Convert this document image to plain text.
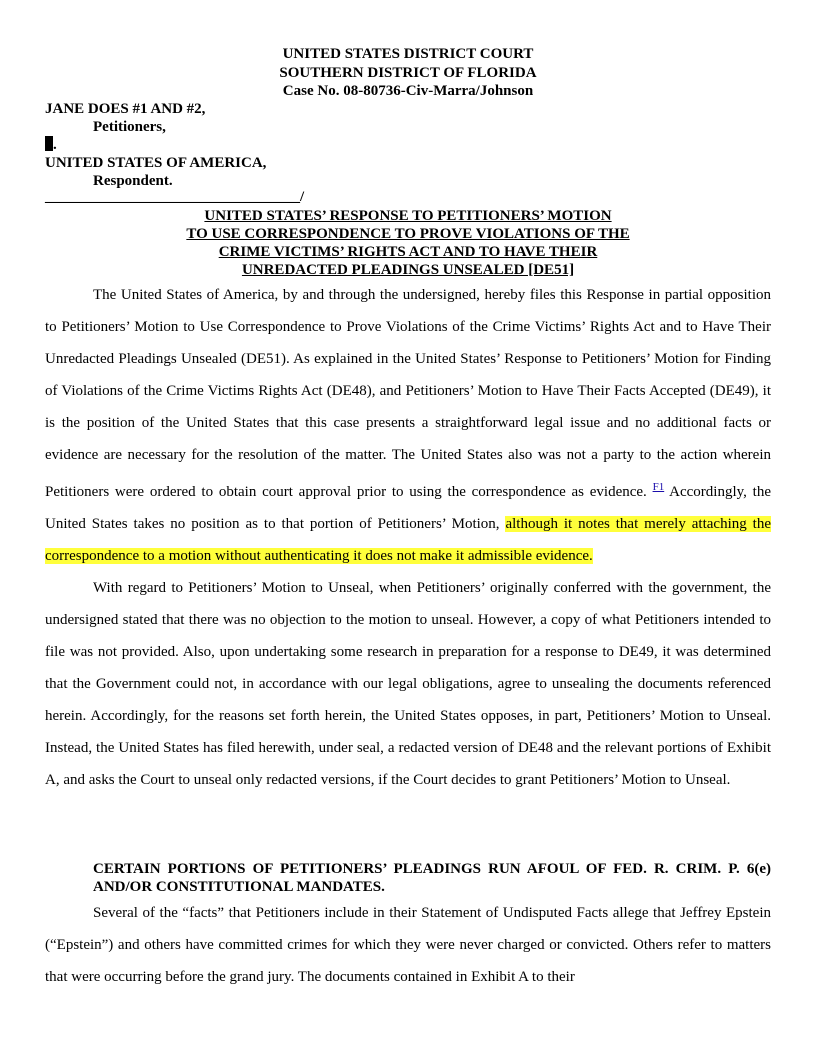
UNITED STATES DISTRICT COURT
SOUTHERN DISTRICT OF FLORIDA
Case No. 08-80736-Civ-Marra/Johnson
JANE DOES #1 AND #2,
Petitioners,
.
UNITED STATES OF AMERICA,
Respondent.
__________________________________/
UNITED STATES’ RESPONSE TO PETITIONERS’ MOTION
TO USE CORRESPONDENCE TO PROVE VIOLATIONS OF THE
CRIME VICTIMS’ RIGHTS ACT AND TO HAVE THEIR
UNREDACTED PLEADINGS UNSEALED [DE51]

The United States of America, by and through the undersigned, hereby files this Response in partial opposition to Petitioners’ Motion to Use Correspondence to Prove Violations of the Crime Victims’ Rights Act and to Have Their Unredacted Pleadings Unsealed (DE51). As explained in the United States’ Response to Petitioners’ Motion for Finding of Violations of the Crime Victims Rights Act (DE48), and Petitioners’ Motion to Have Their Facts Accepted (DE49), it is the position of the United States that this case presents a straightforward legal issue and no additional facts or evidence are necessary for the resolution of the matter. The United States also was not a party to the action wherein Petitioners were ordered to obtain court approval prior to using the correspondence as evidence. $^{F1}$ Accordingly, the United States takes no position as to that portion of Petitioners’ Motion, although it notes that merely attaching the correspondence to a motion without authenticating it does not make it admissible evidence.

With regard to Petitioners’ Motion to Unseal, when Petitioners’ originally conferred with the government, the undersigned stated that there was no objection to the motion to unseal. However, a copy of what Petitioners intended to file was not provided. Also, upon undertaking some research in preparation for a response to DE49, it was determined that the Government could not, in accordance with our legal obligations, agree to unsealing the documents referenced herein. Accordingly, for the reasons set forth herein, the United States opposes, in part, Petitioners’ Motion to Unseal. Instead, the United States has filed herewith, under seal, a redacted version of DE48 and the relevant portions of Exhibit A, and asks the Court to unseal only redacted versions, if the Court decides to grant Petitioners’ Motion to Unseal.

CERTAIN PORTIONS OF PETITIONERS’ PLEADINGS RUN AFOUL OF FED. R. CRIM. P. 6(e) AND/OR CONSTITUTIONAL MANDATES.

Several of the “facts” that Petitioners include in their Statement of Undisputed Facts allege that Jeffrey Epstein (“Epstein”) and others have committed crimes for which they were never charged or convicted. Others refer to matters that were occurring before the grand jury. The documents contained in Exhibit A to their
